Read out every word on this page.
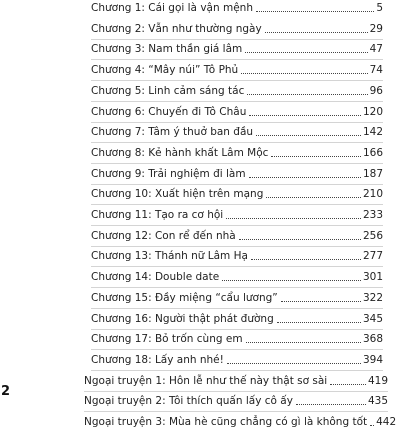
Chương 1: Cái gọi là vận mệnh	5
Chương 2: Vẫn như thường ngày	29
Chương 3: Nam thần giá lâm	47
Chương 4: “Mây núi” Tô Phủ	74
Chương 5: Linh cảm sáng tác	96
Chương 6: Chuyến đi Tô Châu	120
Chương 7: Tâm ý thuở ban đầu	142
Chương 8: Kẻ hành khất Lâm Mộc	166
Chương 9: Trải nghiệm đi làm	187
Chương 10: Xuất hiện trên mạng	210
Chương 11: Tạo ra cơ hội	233
Chương 12: Con rể đến nhà	256
Chương 13: Thánh nữ Lâm Hạ	277
Chương 14: Double date	301
Chương 15: Đầy miệng “cẩu lương”	322
Chương 16: Người thật phát đường	345
Chương 17: Bỏ trốn cùng em	368
Chương 18: Lấy anh nhé!	394
Ngoại truyện 1: Hôn lễ như thế này thật sơ sài	419
Ngoại truyện 2: Tôi thích quấn lấy cô ấy	435
Ngoại truyện 3: Mùa hè cũng chẳng có gì là không tốt 442
2
